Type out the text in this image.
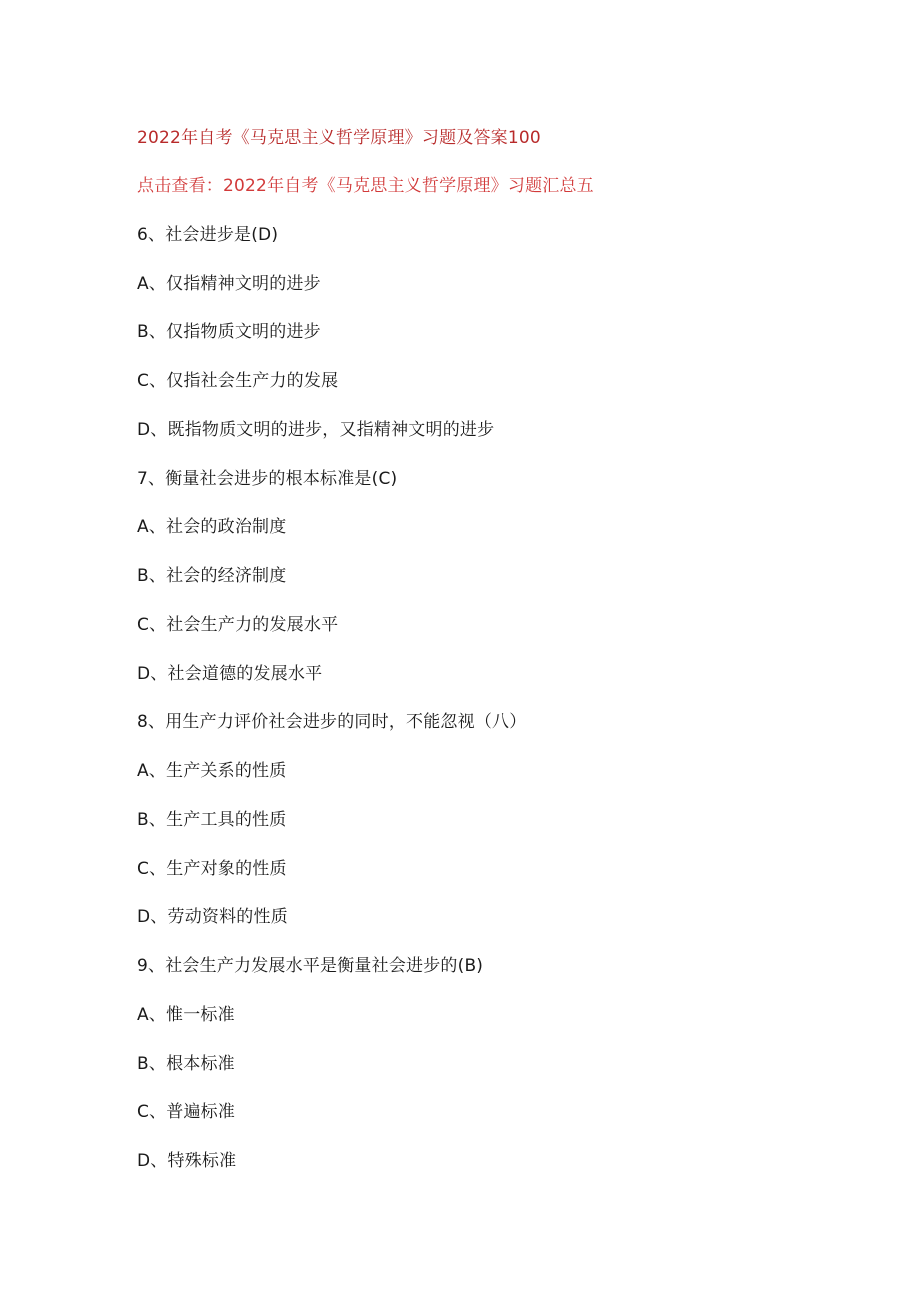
2022年自考《马克思主义哲学原理》习题及答案100
点击查看：2022年自考《马克思主义哲学原理》习题汇总五
6、社会进步是(D)
A、仅指精神文明的进步
B、仅指物质文明的进步
C、仅指社会生产力的发展
D、既指物质文明的进步，又指精神文明的进步
7、衡量社会进步的根本标准是(C)
A、社会的政治制度
B、社会的经济制度
C、社会生产力的发展水平
D、社会道德的发展水平
8、用生产力评价社会进步的同时，不能忽视（八）
A、生产关系的性质
B、生产工具的性质
C、生产对象的性质
D、劳动资料的性质
9、社会生产力发展水平是衡量社会进步的(B)
A、惟一标准
B、根本标准
C、普遍标准
D、特殊标准
